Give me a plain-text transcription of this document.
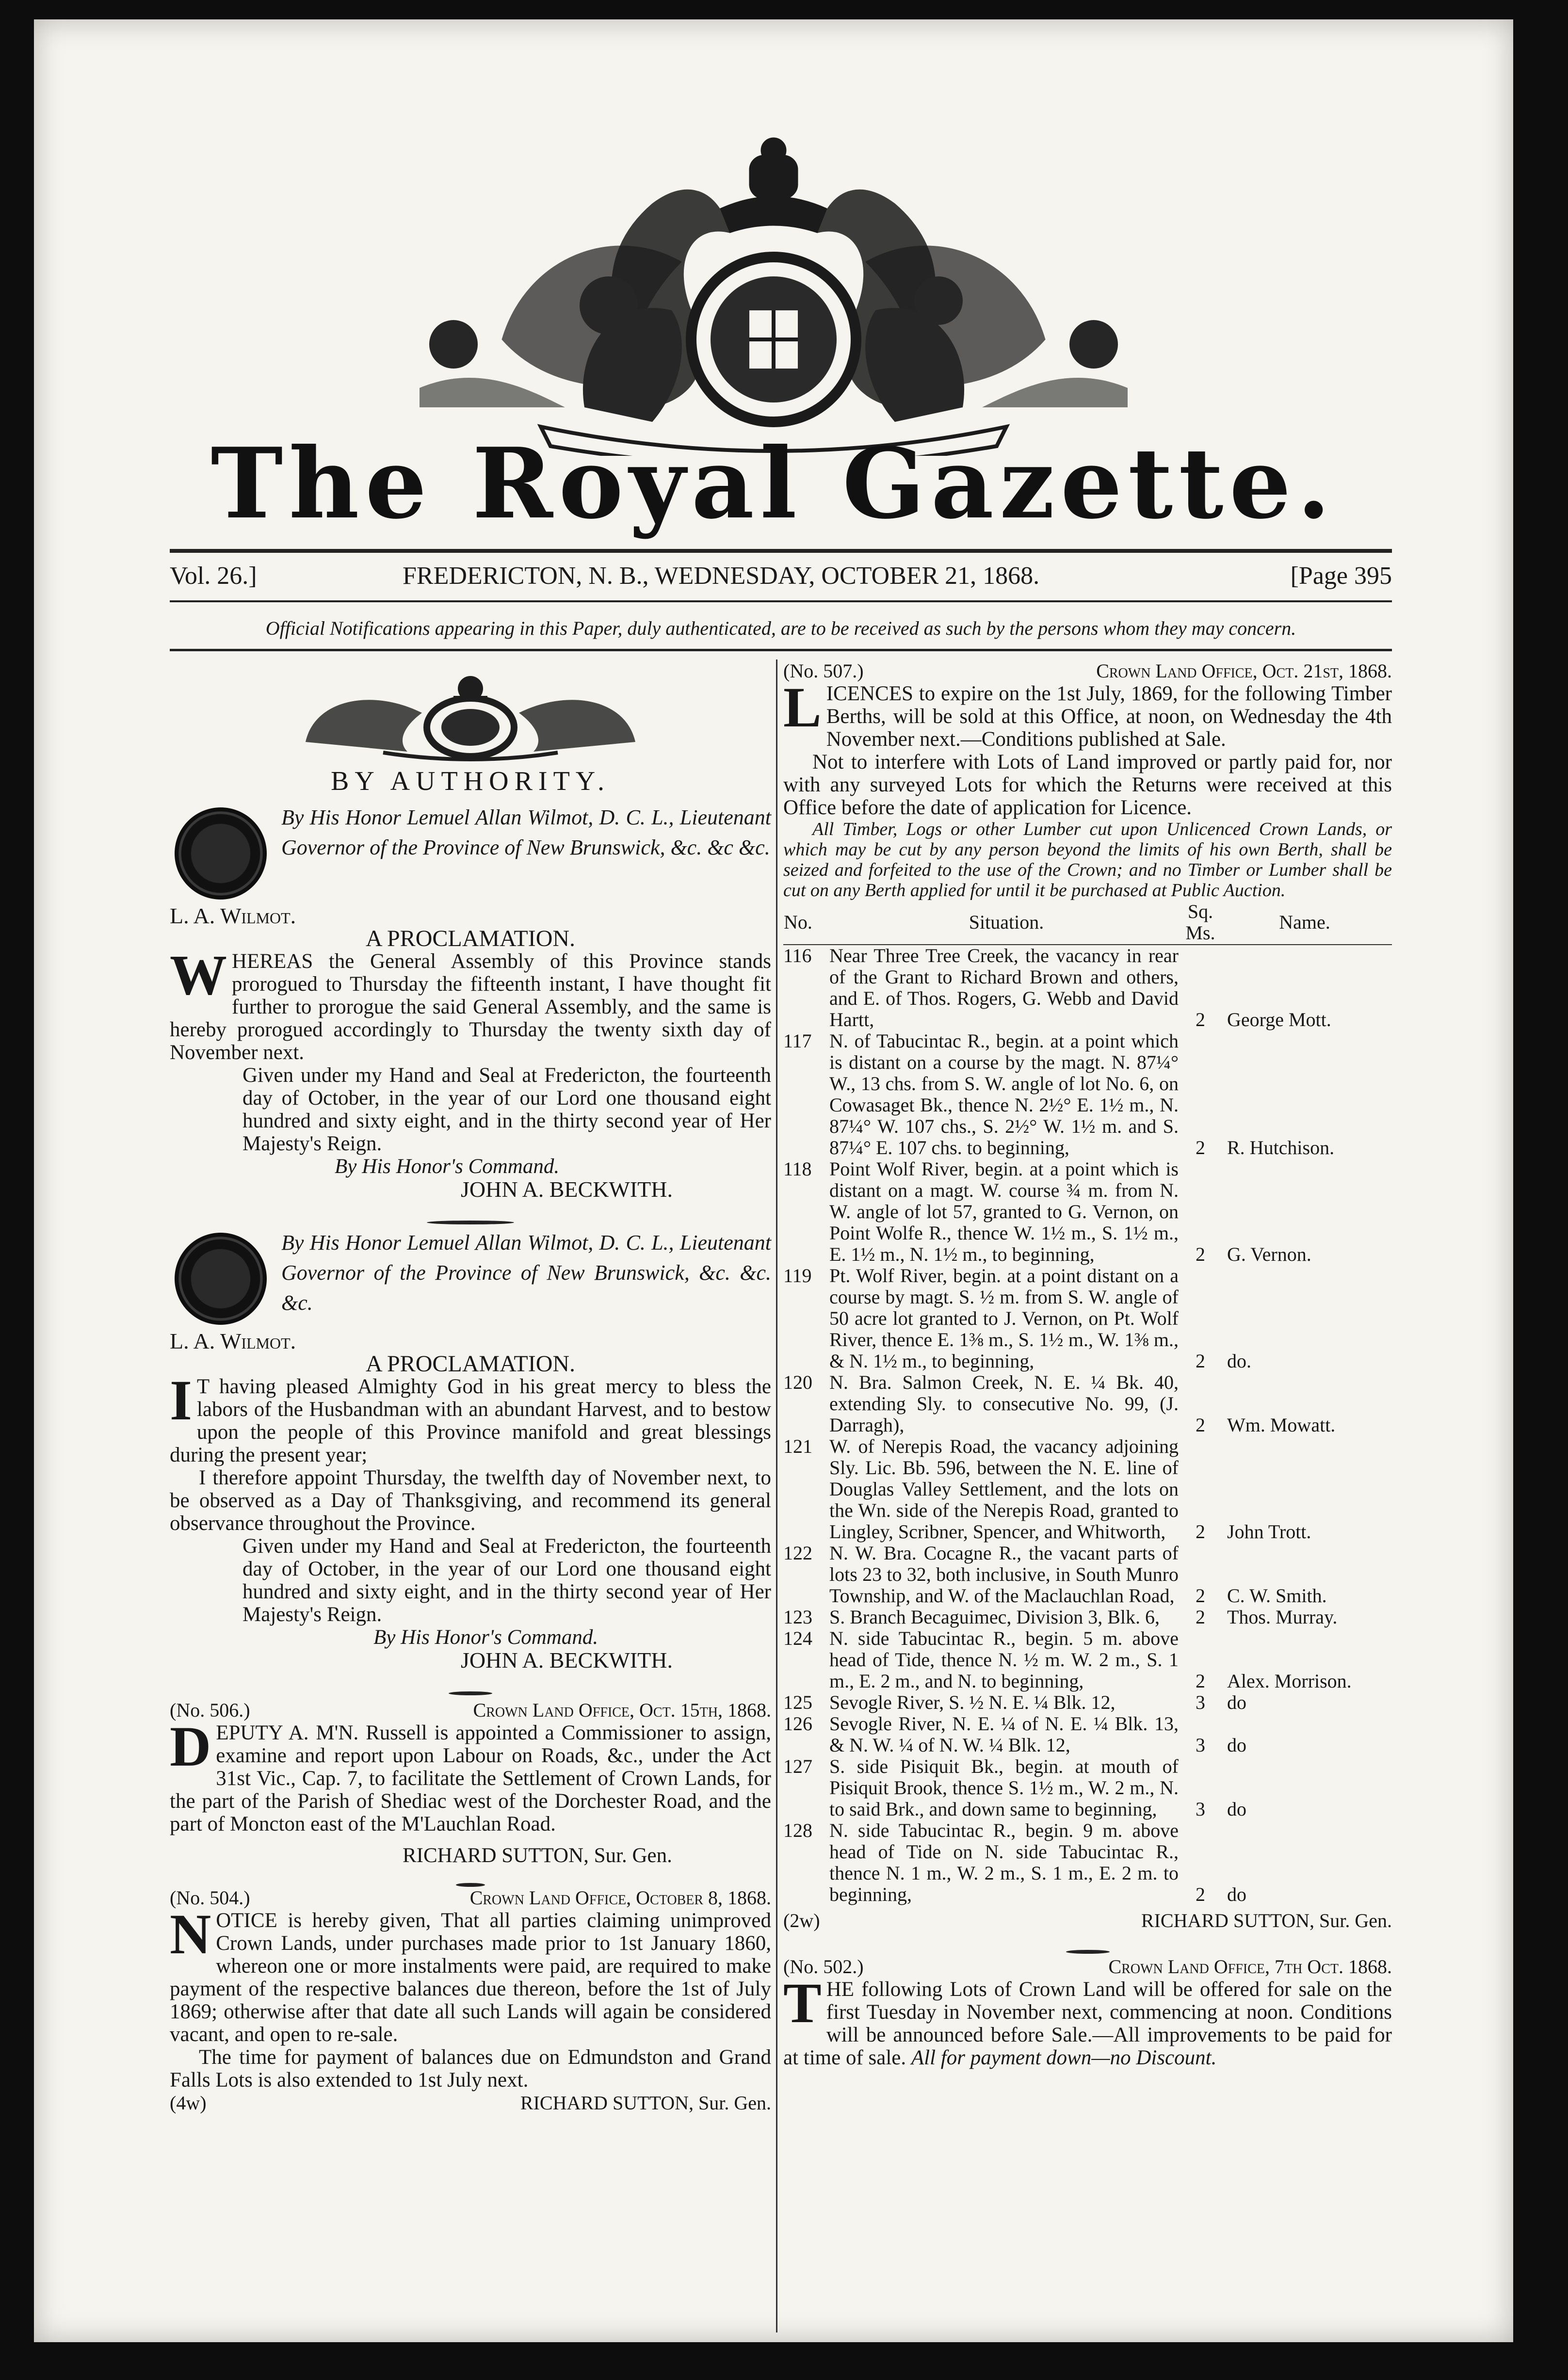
The Royal Gazette.
Vol. 26.]	FREDERICTON, N. B., WEDNESDAY, OCTOBER 21, 1868.	[Page 395
Official Notifications appearing in this Paper, duly authenticated, are to be received as such by the persons whom they may concern.
BY AUTHORITY.

By His Honor Lemuel Allan Wilmot, D. C. L., Lieutenant Governor of the Province of New Brunswick, &c. &c &c.

L. A. Wilmot.

A PROCLAMATION.

WHEREAS the General Assembly of this Province stands prorogued to Thursday the fifteenth instant, I have thought fit further to prorogue the said General Assembly, and the same is hereby prorogued accordingly to Thursday the twenty sixth day of November next.

Given under my Hand and Seal at Fredericton, the fourteenth day of October, in the year of our Lord one thousand eight hundred and sixty eight, and in the thirty second year of Her Majesty's Reign.

By His Honor's Command.

JOHN A. BECKWITH.

By His Honor Lemuel Allan Wilmot, D. C. L., Lieutenant Governor of the Province of New Brunswick, &c. &c. &c.

L. A. Wilmot.

A PROCLAMATION.

I T having pleased Almighty God in his great mercy to bless the labors of the Husbandman with an abundant Harvest, and to bestow upon the people of this Province manifold and great blessings during the present year;

I therefore appoint Thursday, the twelfth day of November next, to be observed as a Day of Thanksgiving, and recommend its general observance throughout the Province.

Given under my Hand and Seal at Fredericton, the fourteenth day of October, in the year of our Lord one thousand eight hundred and sixty eight, and in the thirty second year of Her Majesty's Reign.

By His Honor's Command.

JOHN A. BECKWITH.

(No. 506.)	Crown Land Office, Oct. 15th, 1868.

DEPUTY A. M'N. Russell is appointed a Commissioner to assign, examine and report upon Labour on Roads, &c., under the Act 31st Vic., Cap. 7, to facilitate the Settlement of Crown Lands, for the part of the Parish of Shediac west of the Dorchester Road, and the part of Moncton east of the M'Lauchlan Road.

RICHARD SUTTON, Sur. Gen.

(No. 504.)	Crown Land Office, October 8, 1868.

NOTICE is hereby given, That all parties claiming unimproved Crown Lands, under purchases made prior to 1st January 1860, whereon one or more instalments were paid, are required to make payment of the respective balances due thereon, before the 1st of July 1869; otherwise after that date all such Lands will again be considered vacant, and open to re-sale.

The time for payment of balances due on Edmundston and Grand Falls Lots is also extended to 1st July next.

(4w)	RICHARD SUTTON, Sur. Gen.
(No. 507.)	Crown Land Office, Oct. 21st, 1868.

LICENCES to expire on the 1st July, 1869, for the following Timber Berths, will be sold at this Office, at noon, on Wednesday the 4th November next.—Conditions published at Sale.

Not to interfere with Lots of Land improved or partly paid for, nor with any surveyed Lots for which the Returns were received at this Office before the date of application for Licence.

All Timber, Logs or other Lumber cut upon Unlicenced Crown Lands, or which may be cut by any person beyond the limits of his own Berth, shall be seized and forfeited to the use of the Crown; and no Timber or Lumber shall be cut on any Berth applied for until it be purchased at Public Auction.

No.	Situation.	Sq. Ms.	Name.
116	Near Three Tree Creek, the vacancy in rear of the Grant to Richard Brown and others, and E. of Thos. Rogers, G. Webb and David Hartt,	2	George Mott.
117	N. of Tabucintac R., begin. at a point which is distant on a course by the magt. N. 87¼° W., 13 chs. from S. W. angle of lot No. 6, on Cowasaget Bk., thence N. 2½° E. 1½ m., N. 87¼° W. 107 chs., S. 2½° W. 1½ m. and S. 87¼° E. 107 chs. to beginning,	2	R. Hutchison.
118	Point Wolf River, begin. at a point which is distant on a magt. W. course ¾ m. from N. W. angle of lot 57, granted to G. Vernon, on Point Wolfe R., thence W. 1½ m., S. 1½ m., E. 1½ m., N. 1½ m., to beginning,	2	G. Vernon.
119	Pt. Wolf River, begin. at a point distant on a course by magt. S. ½ m. from S. W. angle of 50 acre lot granted to J. Vernon, on Pt. Wolf River, thence E. 1⅜ m., S. 1½ m., W. 1⅜ m., & N. 1½ m., to beginning,	2	do.
120	N. Bra. Salmon Creek, N. E. ¼ Bk. 40, extending Sly. to consecutive No. 99, (J. Darragh),	2	Wm. Mowatt.
121	W. of Nerepis Road, the vacancy adjoining Sly. Lic. Bb. 596, between the N. E. line of Douglas Valley Settlement, and the lots on the Wn. side of the Nerepis Road, granted to Lingley, Scribner, Spencer, and Whitworth,	2	John Trott.
122	N. W. Bra. Cocagne R., the vacant parts of lots 23 to 32, both inclusive, in South Munro Township, and W. of the Maclauchlan Road,	2	C. W. Smith.
123	S. Branch Becaguimec, Division 3, Blk. 6,	2	Thos. Murray.
124	N. side Tabucintac R., begin. 5 m. above head of Tide, thence N. ½ m. W. 2 m., S. 1 m., E. 2 m., and N. to beginning,	2	Alex. Morrison.
125	Sevogle River, S. ½ N. E. ¼ Blk. 12,	3	do
126	Sevogle River, N. E. ¼ of N. E. ¼ Blk. 13, & N. W. ¼ of N. W. ¼ Blk. 12,	3	do
127	S. side Pisiquit Bk., begin. at mouth of Pisiquit Brook, thence S. 1½ m., W. 2 m., N. to said Brk., and down same to beginning,	3	do
128	N. side Tabucintac R., begin. 9 m. above head of Tide on N. side Tabucintac R., thence N. 1 m., W. 2 m., S. 1 m., E. 2 m. to beginning,	2	do
(2w)	RICHARD SUTTON, Sur. Gen.
(No. 502.)	Crown Land Office, 7th Oct. 1868.

THE following Lots of Crown Land will be offered for sale on the first Tuesday in November next, commencing at noon. Conditions will be announced before Sale.—All improvements to be paid for at time of sale. All for payment down—no Discount.
